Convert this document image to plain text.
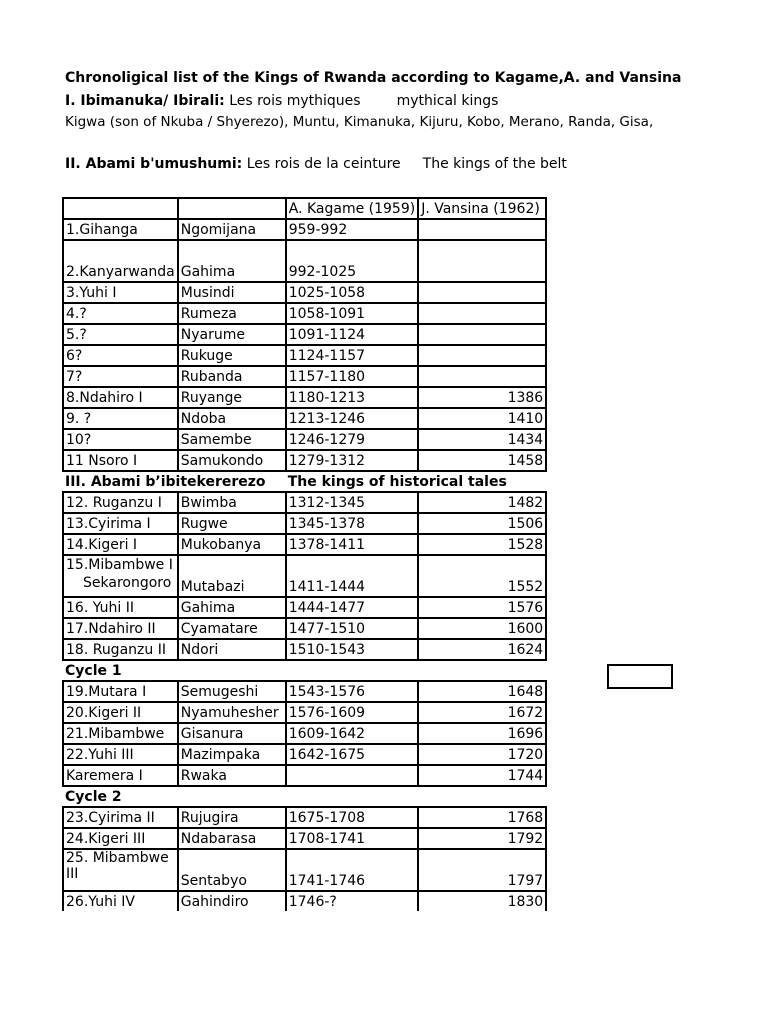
Chronoligical list of the Kings of Rwanda according to Kagame,A. and Vansina
I. Ibimanuka/ Ibirali: Les rois mythiques	mythical kings
Kigwa (son of Nkuba / Shyerezo), Muntu, Kimanuka, Kijuru, Kobo, Merano, Randa, Gisa,
II. Abami b'umushumi: Les rois de la ceinture The kings of the belt
		A. Kagame (1959)	J. Vansina (1962)
1.Gihanga	Ngomijana	959-992	
2.Kanyarwanda	Gahima	992-1025	
3.Yuhi I	Musindi	1025-1058	
4.?	Rumeza	1058-1091	
5.?	Nyarume	1091-1124	
6?	Rukuge	1124-1157	
7?	Rubanda	1157-1180	
8.Ndahiro I	Ruyange	1180-1213	1386
9. ?	Ndoba	1213-1246	1410
10?	Samembe	1246-1279	1434
11 Nsoro I	Samukondo	1279-1312	1458
III. Abami b’ibitekererezo		The kings of historical tales	
12. Ruganzu I	Bwimba	1312-1345	1482
13.Cyirima I	Rugwe	1345-1378	1506
14.Kigeri I	Mukobanya	1378-1411	1528

15.Mibambwe I
Sekarongoro	Mutabazi	1411-1444	1552
16. Yuhi II	Gahima	1444-1477	1576
17.Ndahiro II	Cyamatare	1477-1510	1600
18. Ruganzu II	Ndori	1510-1543	1624
Cycle 1			
19.Mutara I	Semugeshi	1543-1576	1648
20.Kigeri II	Nyamuhesher	1576-1609	1672
21.Mibambwe	Gisanura	1609-1642	1696
22.Yuhi III	Mazimpaka	1642-1675	1720
Karemera I	Rwaka		1744
Cycle 2			
23.Cyirima II	Rujugira	1675-1708	1768
24.Kigeri III	Ndabarasa	1708-1741	1792
25. Mibambwe III	Sentabyo	1741-1746	1797
26.Yuhi IV	Gahindiro	1746-?	1830
